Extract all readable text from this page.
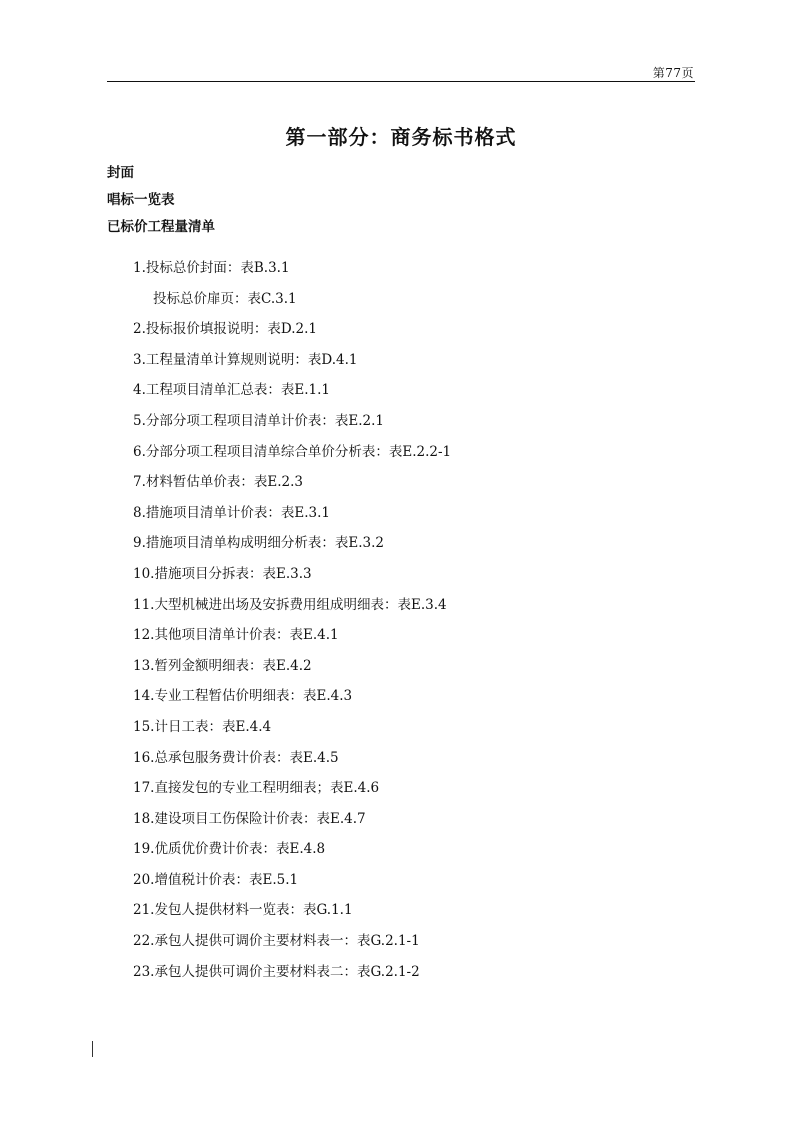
第77页
第一部分：商务标书格式
封面
唱标一览表
已标价工程量清单
1.投标总价封面：表B.3.1
投标总价扉页：表C.3.1
2.投标报价填报说明：表D.2.1
3.工程量清单计算规则说明：表D.4.1
4.工程项目清单汇总表：表E.1.1
5.分部分项工程项目清单计价表：表E.2.1
6.分部分项工程项目清单综合单价分析表：表E.2.2-1
7.材料暂估单价表：表E.2.3
8.措施项目清单计价表：表E.3.1
9.措施项目清单构成明细分析表：表E.3.2
10.措施项目分拆表：表E.3.3
11.大型机械进出场及安拆费用组成明细表：表E.3.4
12.其他项目清单计价表：表E.4.1
13.暂列金额明细表：表E.4.2
14.专业工程暂估价明细表：表E.4.3
15.计日工表：表E.4.4
16.总承包服务费计价表：表E.4.5
17.直接发包的专业工程明细表；表E.4.6
18.建设项目工伤保险计价表：表E.4.7
19.优质优价费计价表：表E.4.8
20.增值税计价表：表E.5.1
21.发包人提供材料一览表：表G.1.1
22.承包人提供可调价主要材料表一：表G.2.1-1
23.承包人提供可调价主要材料表二：表G.2.1-2
